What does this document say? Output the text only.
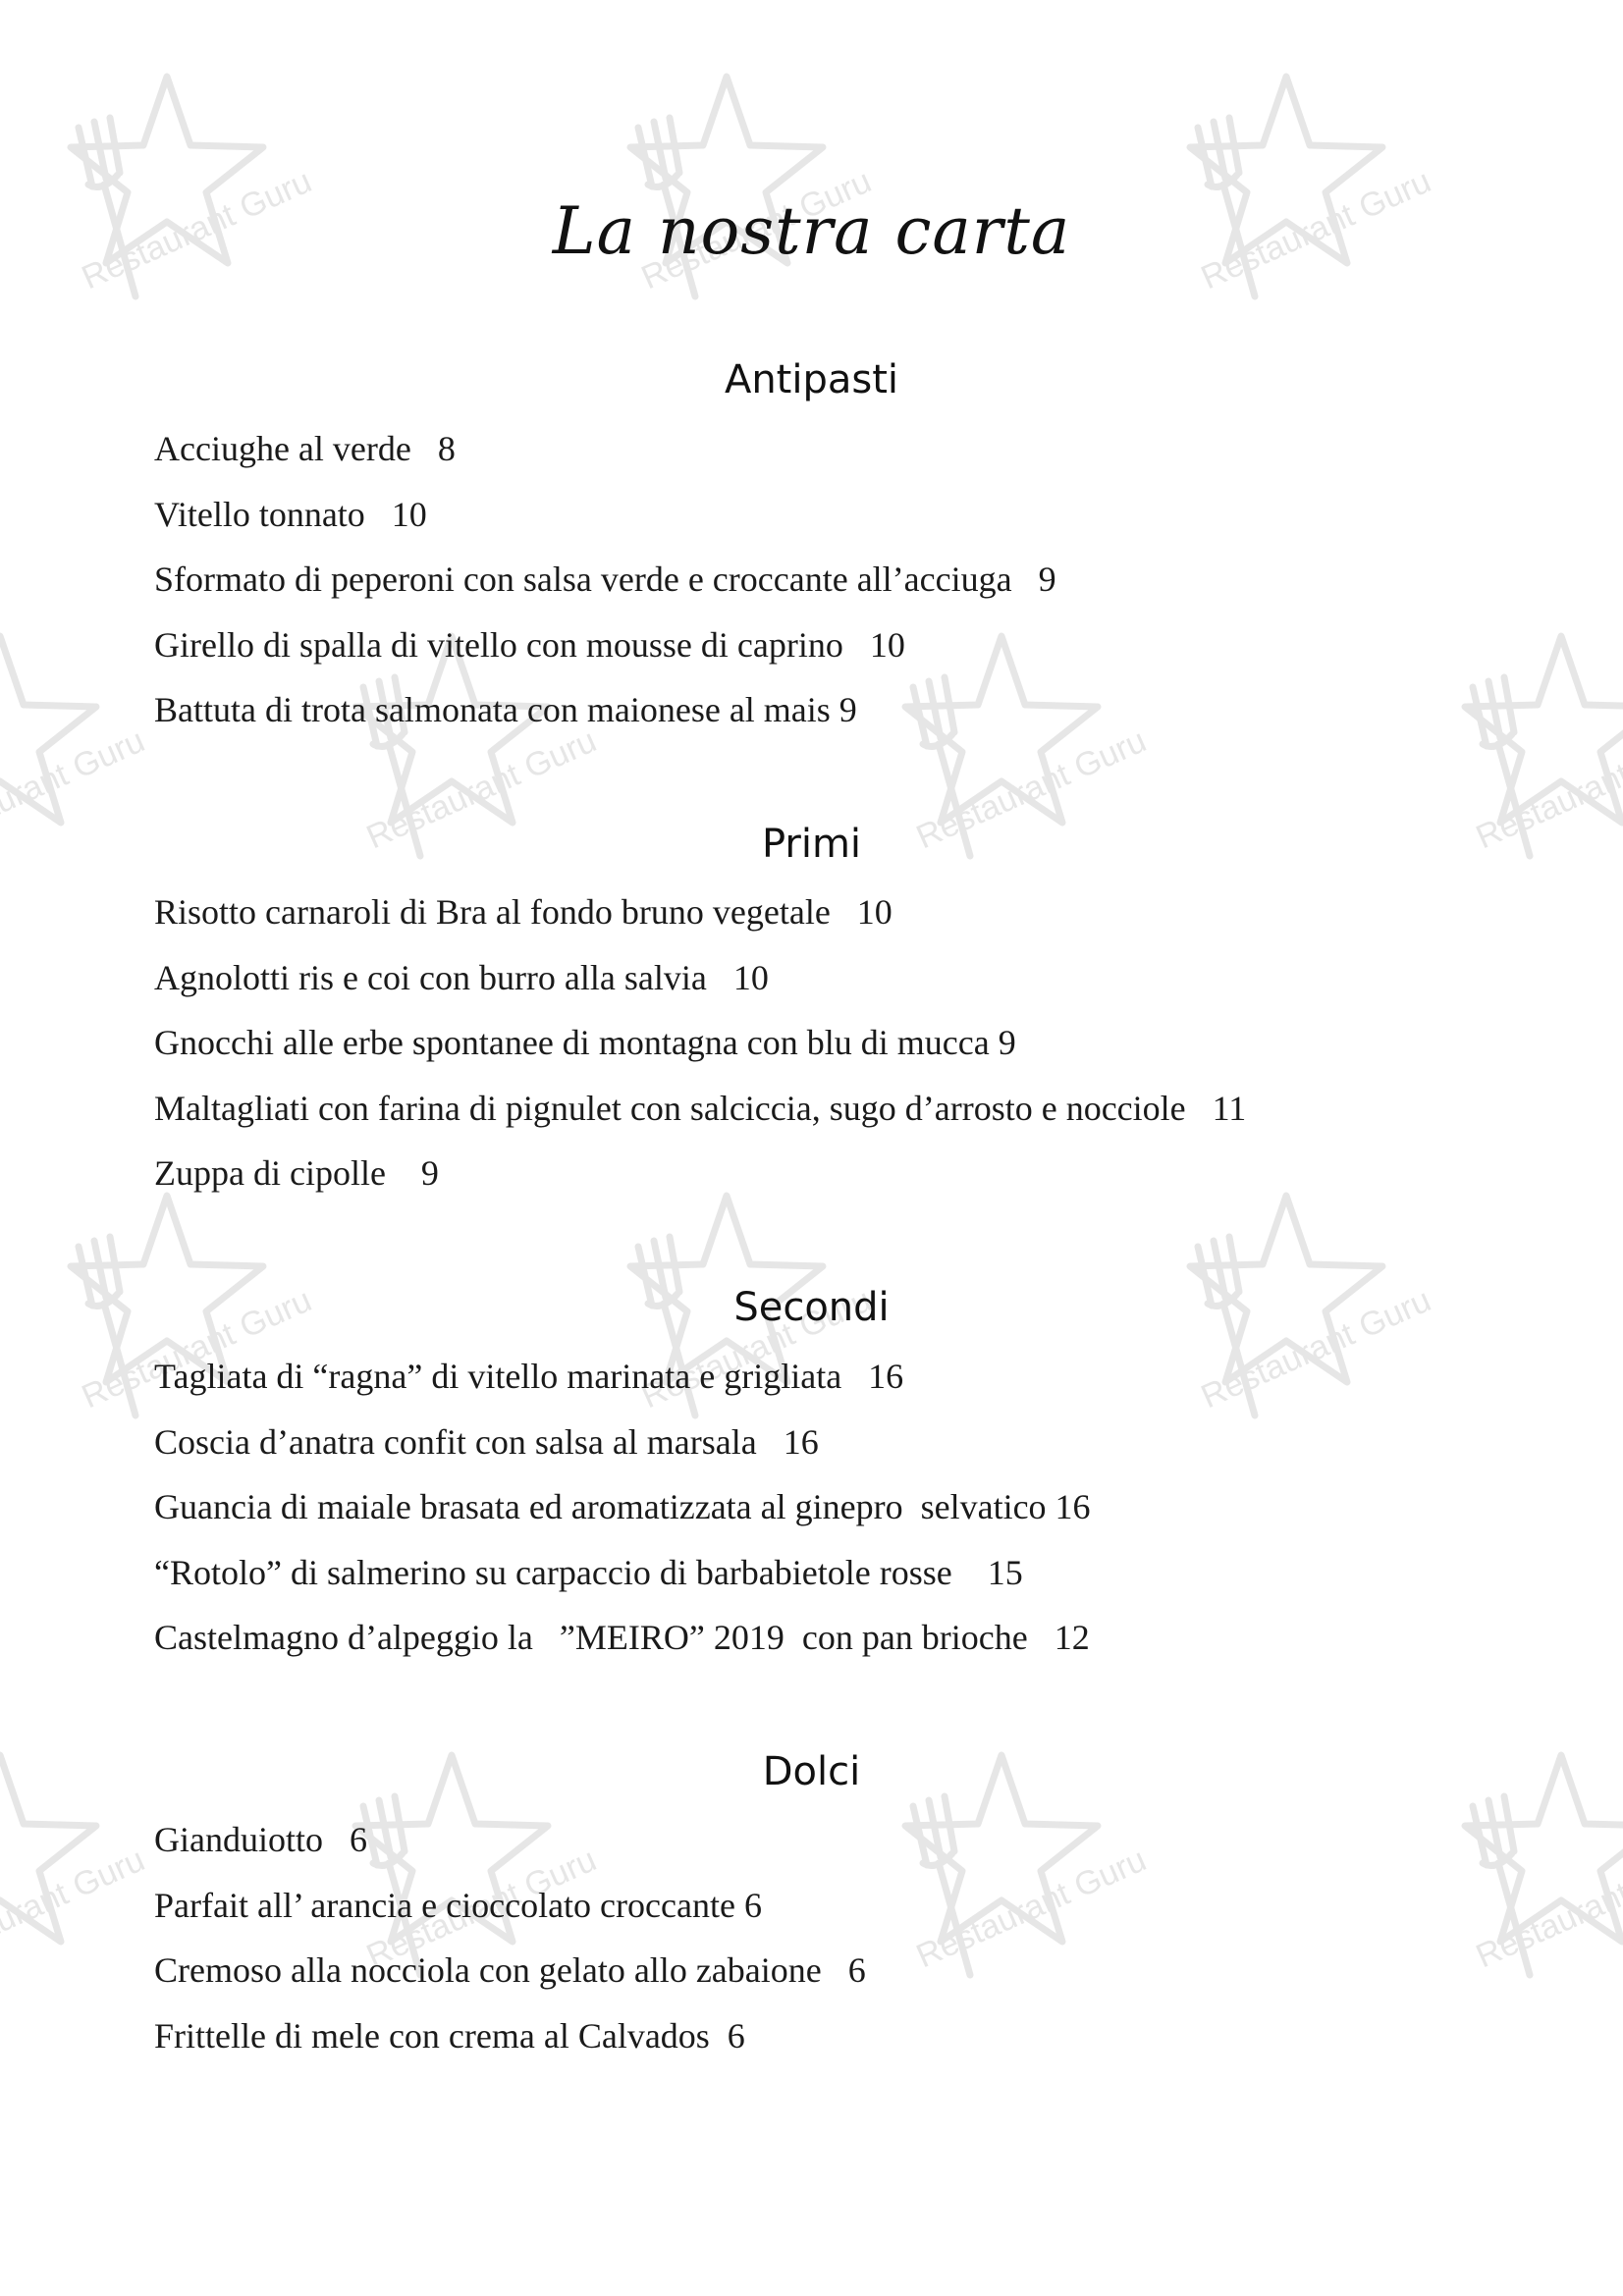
Restaurant Guru
La nostra carta
Antipasti
Acciughe al verde   8
Vitello tonnato   10
Sformato di peperoni con salsa verde e croccante all’acciuga   9
Girello di spalla di vitello con mousse di caprino   10
Battuta di trota salmonata con maionese al mais 9
Primi
Risotto carnaroli di Bra al fondo bruno vegetale   10
Agnolotti ris e coi con burro alla salvia   10
Gnocchi alle erbe spontanee di montagna con blu di mucca 9
Maltagliati con farina di pignulet con salciccia, sugo d’arrosto e nocciole   11
Zuppa di cipolle    9
Secondi
Tagliata di “ragna” di vitello marinata e grigliata   16
Coscia d’anatra confit con salsa al marsala   16
Guancia di maiale brasata ed aromatizzata al ginepro  selvatico 16
“Rotolo” di salmerino su carpaccio di barbabietole rosse    15
Castelmagno d’alpeggio la   ”MEIRO” 2019  con pan brioche   12
Dolci
Gianduiotto   6
Parfait all’ arancia e cioccolato croccante 6
Cremoso alla nocciola con gelato allo zabaione   6
Frittelle di mele con crema al Calvados  6
